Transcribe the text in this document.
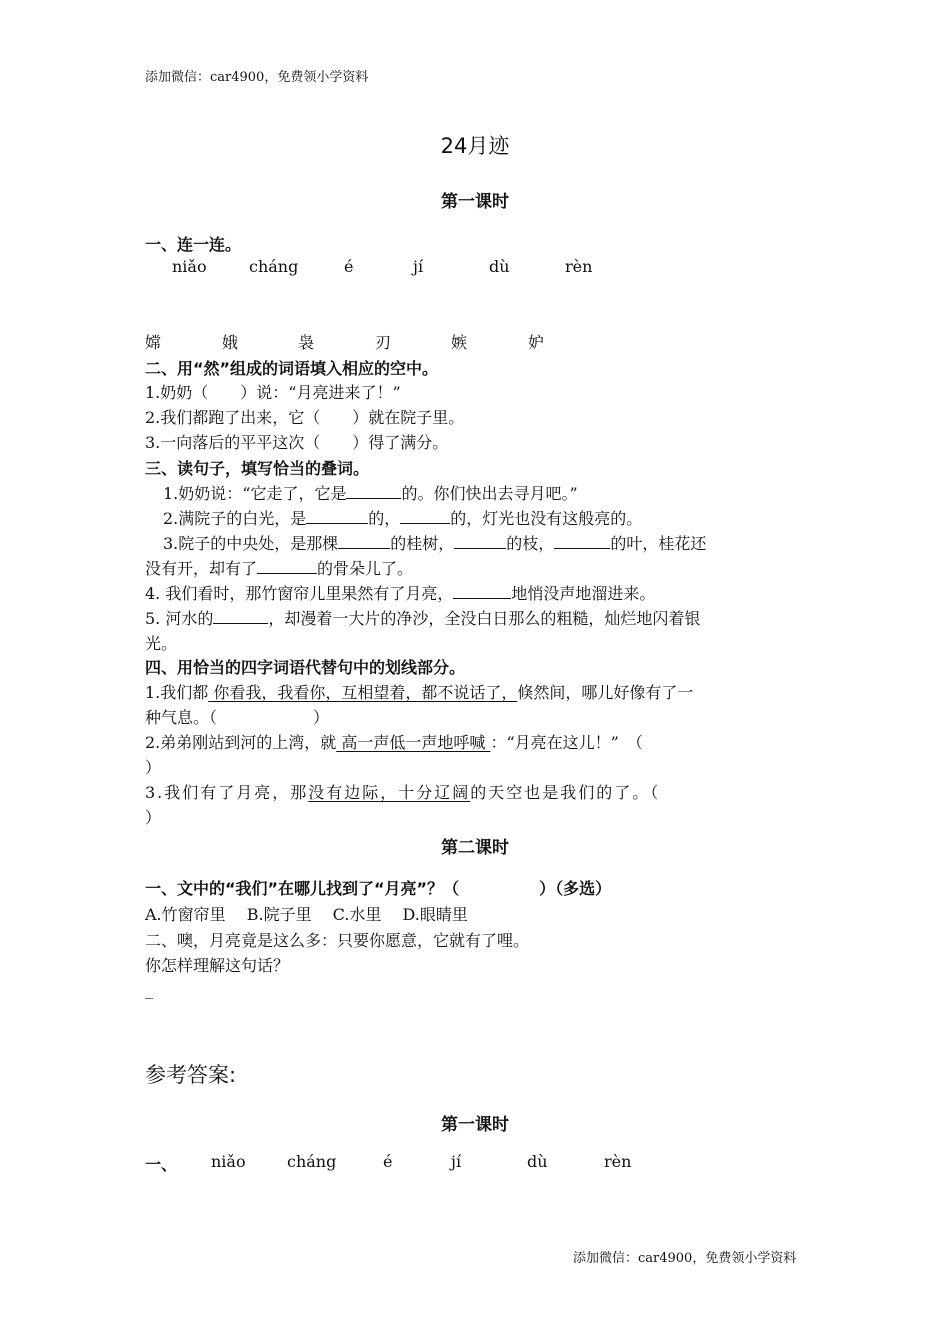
添加微信：car4900，免费领小学资料
24月迹
第一课时
一、连一连。
niǎo	cháng	é	jí	dù	rèn
嫦	娥	袅	刃	嫉	妒
二、用“然”组成的词语填入相应的空中。
1.奶奶（　　）说：“月亮进来了！”
2.我们都跑了出来，它（　　）就在院子里。
3.一向落后的平平这次（　　）得了满分。
三、读句子，填写恰当的叠词。
1.奶奶说：“它走了，它是	的。你们快出去寻月吧。”
2.满院子的白光，是	的，	的，灯光也没有这般亮的。
3.院子的中央处，是那棵	的桂树，	的枝，	的叶，桂花还
没有开，却有了	的骨朵儿了。
4. 我们看时，那竹窗帘儿里果然有了月亮，	地悄没声地溜进来。
5. 河水的	，却漫着一大片的净沙，全没白日那么的粗糙，灿烂地闪着银
光。
四、用恰当的四字词语代替句中的划线部分。
1.我们都 你看我，我看你，互相望着，都不说话了，倏然间，哪儿好像有了一
种气息。（　　　　　　）
2.弟弟刚站到河的上湾，就 高一声低一声地呼喊 ：“月亮在这儿！”　（
）
3.我们有了月亮，那没有边际，十分辽阔的天空也是我们的了。（
）
第二课时
一、文中的“我们”在哪儿找到了“月亮”？（　　　　　）（多选）
A.竹窗帘里　 B.院子里　 C.水里　 D.眼睛里
二、噢，月亮竟是这么多：只要你愿意，它就有了哩。
你怎样理解这句话？
_
参考答案:
第一课时
一、 niǎo	cháng	é	jí	dù	rèn
添加微信：car4900，免费领小学资料
